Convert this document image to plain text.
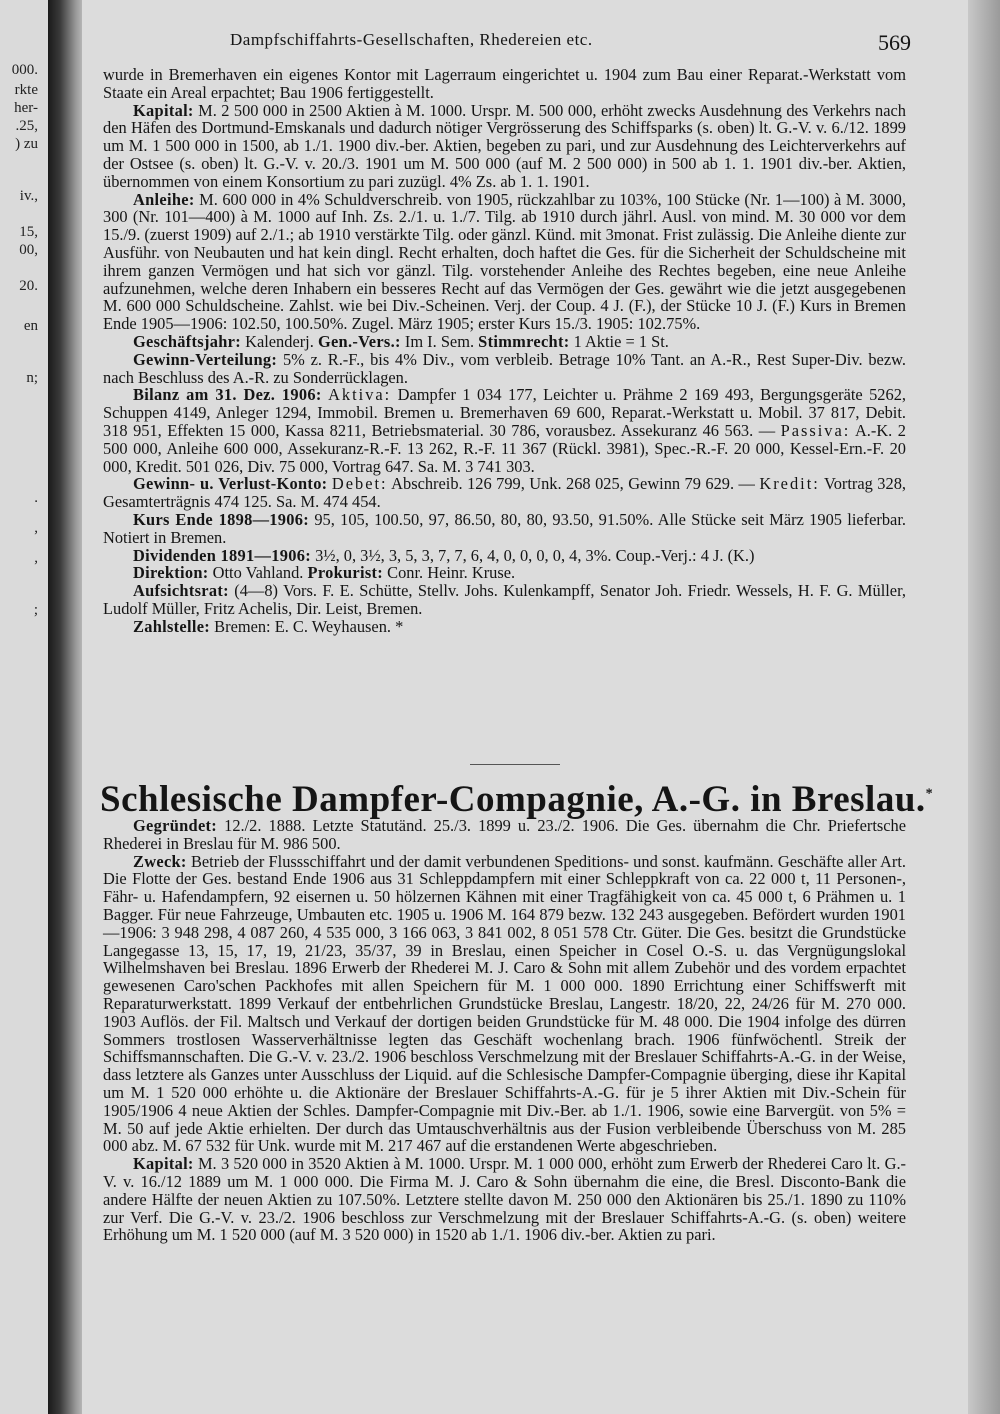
000.
rkte
her-
.25,
) zu
iv.,
15,
00,
20.
en
n;
.
,
,
;
Dampfschiffahrts-Gesellschaften, Rhedereien etc.	569

wurde in Bremerhaven ein eigenes Kontor mit Lagerraum eingerichtet u. 1904 zum Bau einer Reparat.-Werkstatt vom Staate ein Areal erpachtet; Bau 1906 fertiggestellt.

Kapital: M. 2 500 000 in 2500 Aktien à M. 1000. Urspr. M. 500 000, erhöht zwecks Ausdehnung des Verkehrs nach den Häfen des Dortmund-Emskanals und dadurch nötiger Vergrösserung des Schiffsparks (s. oben) lt. G.-V. v. 6./12. 1899 um M. 1 500 000 in 1500, ab 1./1. 1900 div.-ber. Aktien, begeben zu pari, und zur Ausdehnung des Leichterverkehrs auf der Ostsee (s. oben) lt. G.-V. v. 20./3. 1901 um M. 500 000 (auf M. 2 500 000) in 500 ab 1. 1. 1901 div.-ber. Aktien, übernommen von einem Konsortium zu pari zuzügl. 4% Zs. ab 1. 1. 1901.

Anleihe: M. 600 000 in 4% Schuldverschreib. von 1905, rückzahlbar zu 103%, 100 Stücke (Nr. 1—100) à M. 3000, 300 (Nr. 101—400) à M. 1000 auf Inh. Zs. 2./1. u. 1./7. Tilg. ab 1910 durch jährl. Ausl. von mind. M. 30 000 vor dem 15./9. (zuerst 1909) auf 2./1.; ab 1910 verstärkte Tilg. oder gänzl. Künd. mit 3monat. Frist zulässig. Die Anleihe diente zur Ausführ. von Neubauten und hat kein dingl. Recht erhalten, doch haftet die Ges. für die Sicherheit der Schuldscheine mit ihrem ganzen Vermögen und hat sich vor gänzl. Tilg. vorstehender Anleihe des Rechtes begeben, eine neue Anleihe aufzunehmen, welche deren Inhabern ein besseres Recht auf das Vermögen der Ges. gewährt wie die jetzt ausgegebenen M. 600 000 Schuldscheine. Zahlst. wie bei Div.-Scheinen. Verj. der Coup. 4 J. (F.), der Stücke 10 J. (F.) Kurs in Bremen Ende 1905—1906: 102.50, 100.50%. Zugel. März 1905; erster Kurs 15./3. 1905: 102.75%.

Geschäftsjahr: Kalenderj. Gen.-Vers.: Im I. Sem. Stimmrecht: 1 Aktie = 1 St.

Gewinn-Verteilung: 5% z. R.-F., bis 4% Div., vom verbleib. Betrage 10% Tant. an A.-R., Rest Super-Div. bezw. nach Beschluss des A.-R. zu Sonderrücklagen.

Bilanz am 31. Dez. 1906: Aktiva: Dampfer 1 034 177, Leichter u. Prähme 2 169 493, Bergungsgeräte 5262, Schuppen 4149, Anleger 1294, Immobil. Bremen u. Bremerhaven 69 600, Reparat.-Werkstatt u. Mobil. 37 817, Debit. 318 951, Effekten 15 000, Kassa 8211, Betriebsmaterial. 30 786, vorausbez. Assekuranz 46 563. — Passiva: A.-K. 2 500 000, Anleihe 600 000, Assekuranz-R.-F. 13 262, R.-F. 11 367 (Rückl. 3981), Spec.-R.-F. 20 000, Kessel-Ern.-F. 20 000, Kredit. 501 026, Div. 75 000, Vortrag 647. Sa. M. 3 741 303.

Gewinn- u. Verlust-Konto: Debet: Abschreib. 126 799, Unk. 268 025, Gewinn 79 629. — Kredit: Vortrag 328, Gesamterträgnis 474 125. Sa. M. 474 454.

Kurs Ende 1898—1906: 95, 105, 100.50, 97, 86.50, 80, 80, 93.50, 91.50%. Alle Stücke seit März 1905 lieferbar. Notiert in Bremen.

Dividenden 1891—1906: 3½, 0, 3½, 3, 5, 3, 7, 7, 6, 4, 0, 0, 0, 0, 4, 3%. Coup.-Verj.: 4 J. (K.)

Direktion: Otto Vahland. Prokurist: Conr. Heinr. Kruse.

Aufsichtsrat: (4—8) Vors. F. E. Schütte, Stellv. Johs. Kulenkampff, Senator Joh. Friedr. Wessels, H. F. G. Müller, Ludolf Müller, Fritz Achelis, Dir. Leist, Bremen.

Zahlstelle: Bremen: E. C. Weyhausen. *

Schlesische Dampfer-Compagnie, A.-G. in Breslau.*

Gegründet: 12./2. 1888. Letzte Statutänd. 25./3. 1899 u. 23./2. 1906. Die Ges. übernahm die Chr. Priefertsche Rhederei in Breslau für M. 986 500.

Zweck: Betrieb der Flussschiffahrt und der damit verbundenen Speditions- und sonst. kaufmänn. Geschäfte aller Art. Die Flotte der Ges. bestand Ende 1906 aus 31 Schleppdampfern mit einer Schleppkraft von ca. 22 000 t, 11 Personen-, Fähr- u. Hafendampfern, 92 eisernen u. 50 hölzernen Kähnen mit einer Tragfähigkeit von ca. 45 000 t, 6 Prähmen u. 1 Bagger. Für neue Fahrzeuge, Umbauten etc. 1905 u. 1906 M. 164 879 bezw. 132 243 ausgegeben. Befördert wurden 1901—1906: 3 948 298, 4 087 260, 4 535 000, 3 166 063, 3 841 002, 8 051 578 Ctr. Güter. Die Ges. besitzt die Grundstücke Langegasse 13, 15, 17, 19, 21/23, 35/37, 39 in Breslau, einen Speicher in Cosel O.-S. u. das Vergnügungslokal Wilhelmshaven bei Breslau. 1896 Erwerb der Rhederei M. J. Caro & Sohn mit allem Zubehör und des vordem erpachtet gewesenen Caro'schen Packhofes mit allen Speichern für M. 1 000 000. 1890 Errichtung einer Schiffswerft mit Reparaturwerkstatt. 1899 Verkauf der entbehrlichen Grundstücke Breslau, Langestr. 18/20, 22, 24/26 für M. 270 000. 1903 Auflös. der Fil. Maltsch und Verkauf der dortigen beiden Grundstücke für M. 48 000. Die 1904 infolge des dürren Sommers trostlosen Wasserverhältnisse legten das Geschäft wochenlang brach. 1906 fünfwöchentl. Streik der Schiffsmannschaften. Die G.-V. v. 23./2. 1906 beschloss Verschmelzung mit der Breslauer Schiffahrts-A.-G. in der Weise, dass letztere als Ganzes unter Ausschluss der Liquid. auf die Schlesische Dampfer-Compagnie überging, diese ihr Kapital um M. 1 520 000 erhöhte u. die Aktionäre der Breslauer Schiffahrts-A.-G. für je 5 ihrer Aktien mit Div.-Schein für 1905/1906 4 neue Aktien der Schles. Dampfer-Compagnie mit Div.-Ber. ab 1./1. 1906, sowie eine Barvergüt. von 5% = M. 50 auf jede Aktie erhielten. Der durch das Umtauschverhältnis aus der Fusion verbleibende Überschuss von M. 285 000 abz. M. 67 532 für Unk. wurde mit M. 217 467 auf die erstandenen Werte abgeschrieben.

Kapital: M. 3 520 000 in 3520 Aktien à M. 1000. Urspr. M. 1 000 000, erhöht zum Erwerb der Rhederei Caro lt. G.-V. v. 16./12 1889 um M. 1 000 000. Die Firma M. J. Caro & Sohn übernahm die eine, die Bresl. Disconto-Bank die andere Hälfte der neuen Aktien zu 107.50%. Letztere stellte davon M. 250 000 den Aktionären bis 25./1. 1890 zu 110% zur Verf. Die G.-V. v. 23./2. 1906 beschloss zur Verschmelzung mit der Breslauer Schiffahrts-A.-G. (s. oben) weitere Erhöhung um M. 1 520 000 (auf M. 3 520 000) in 1520 ab 1./1. 1906 div.-ber. Aktien zu pari.
